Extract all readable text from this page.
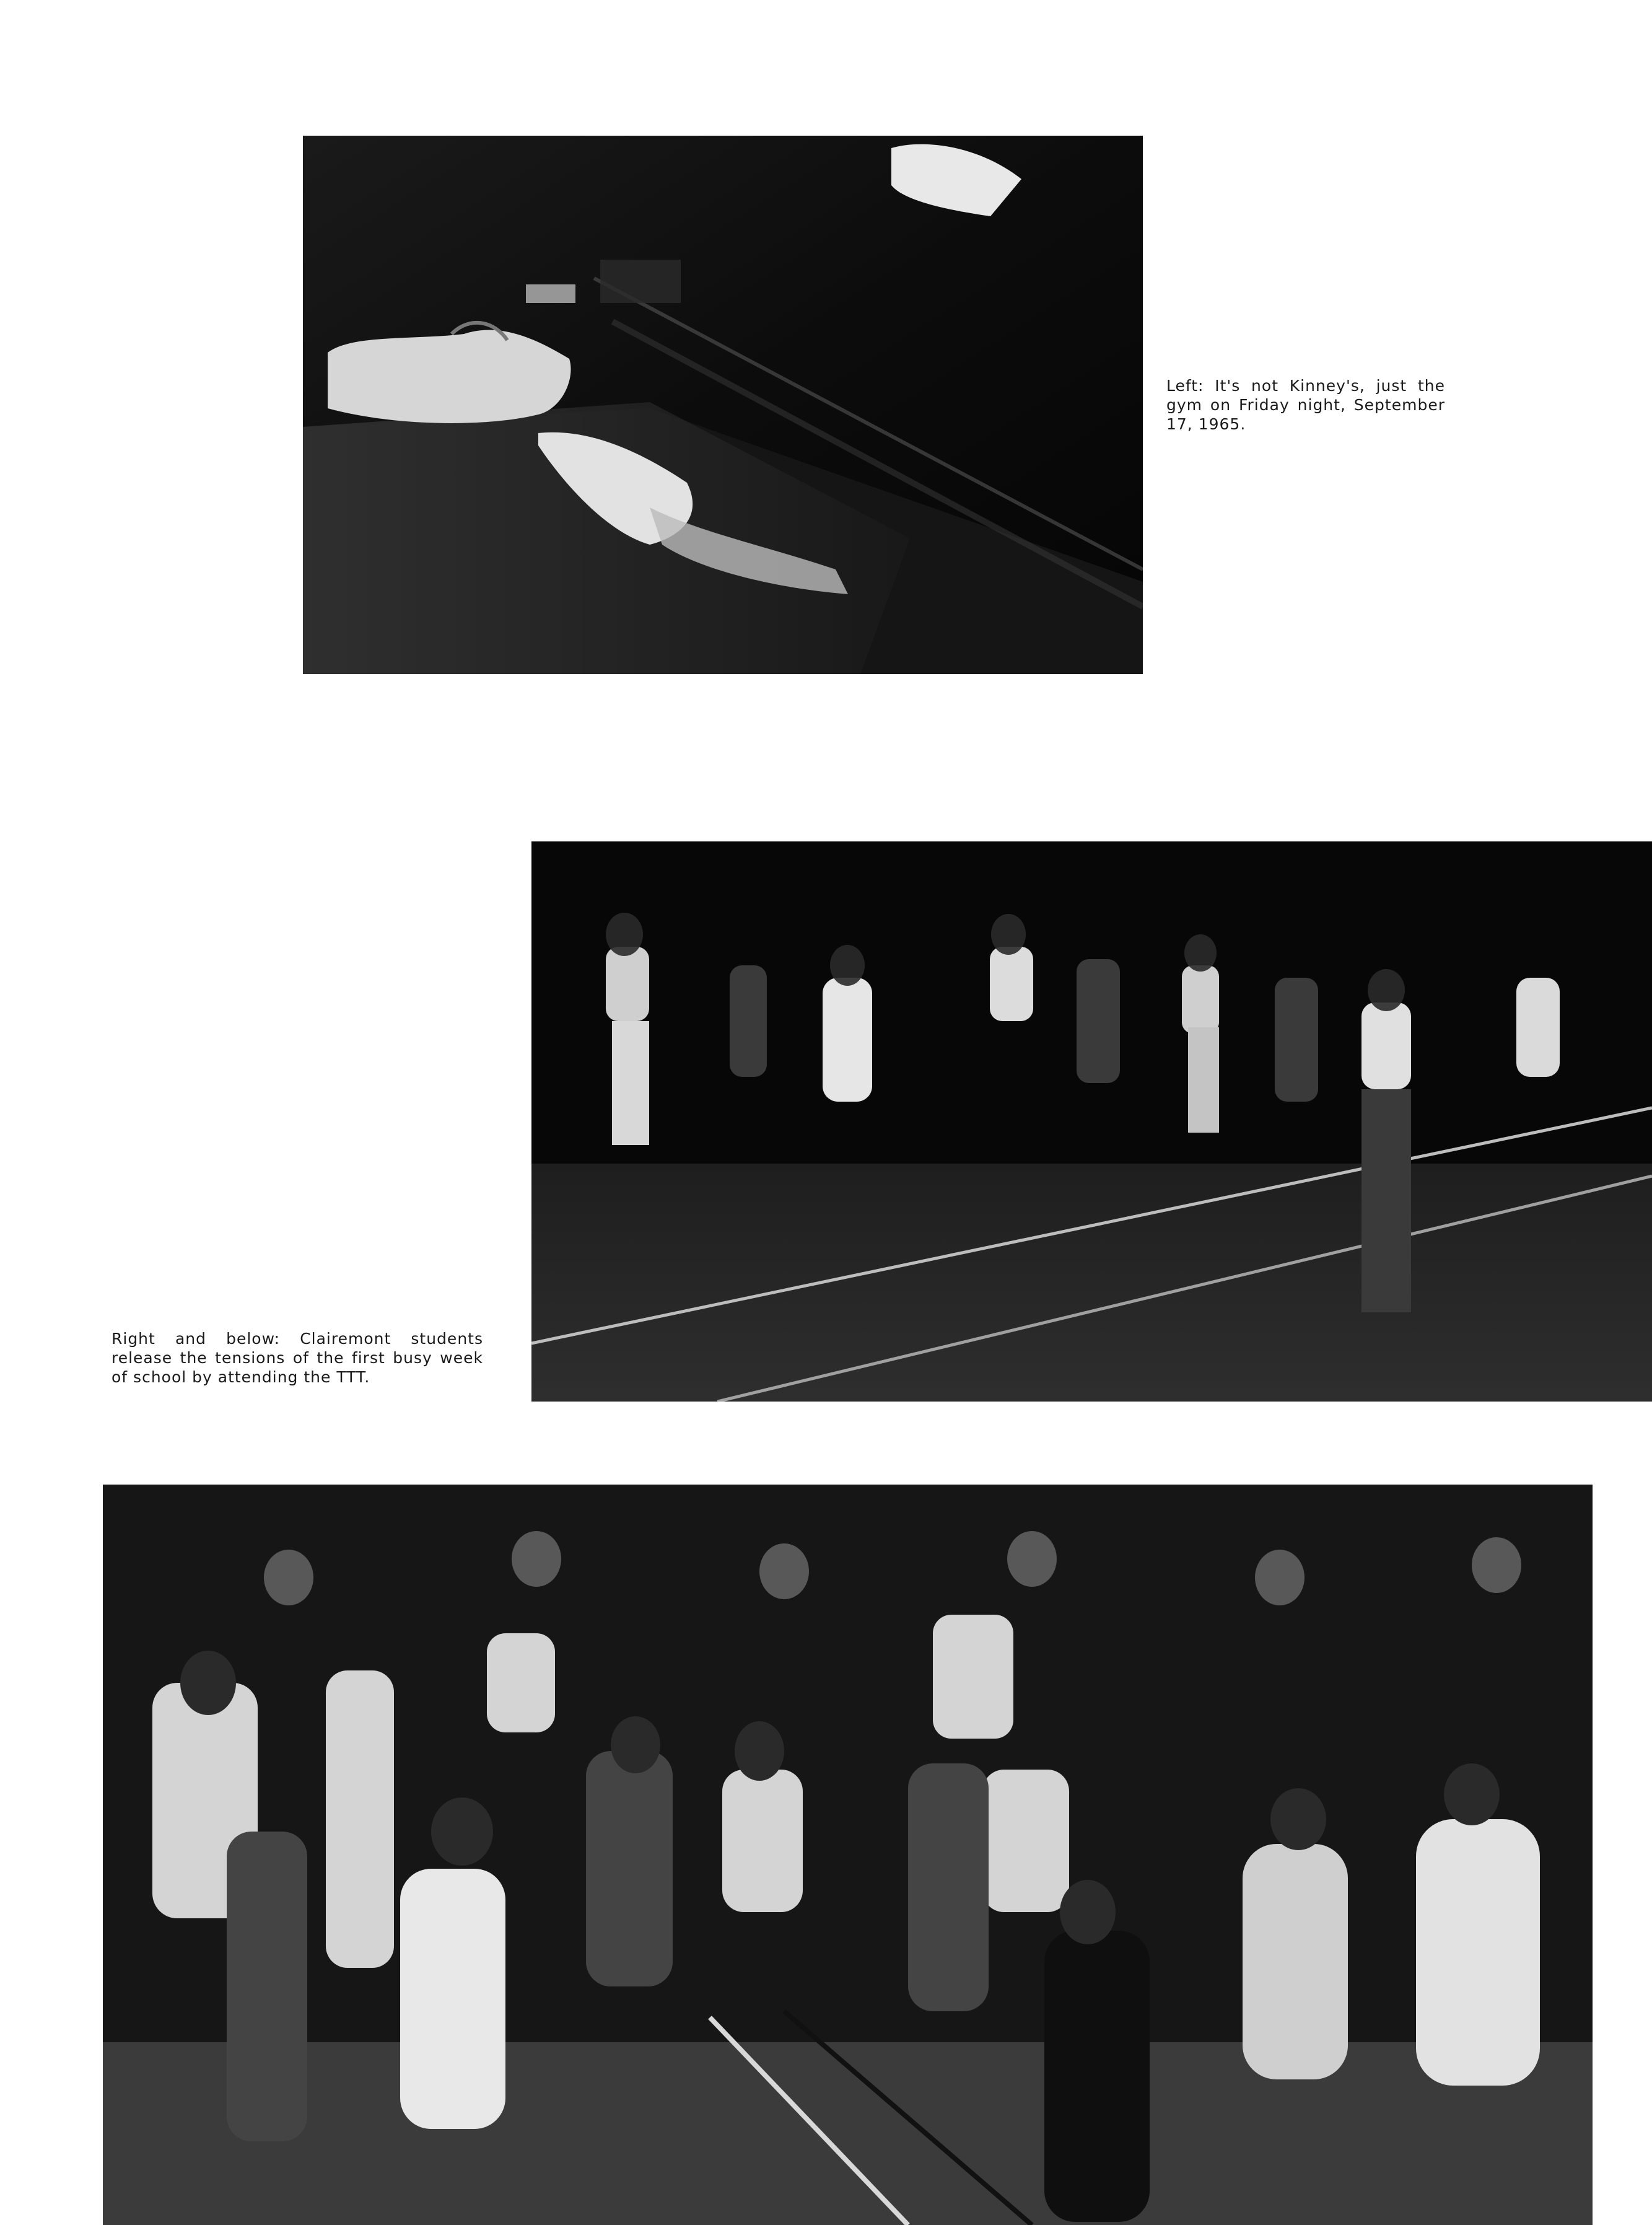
Left: It's not Kinney's, just the gym on Friday night, September 17, 1965.

Right and below: Clairemont students release the tensions of the first busy week of school by attending the TTT.
